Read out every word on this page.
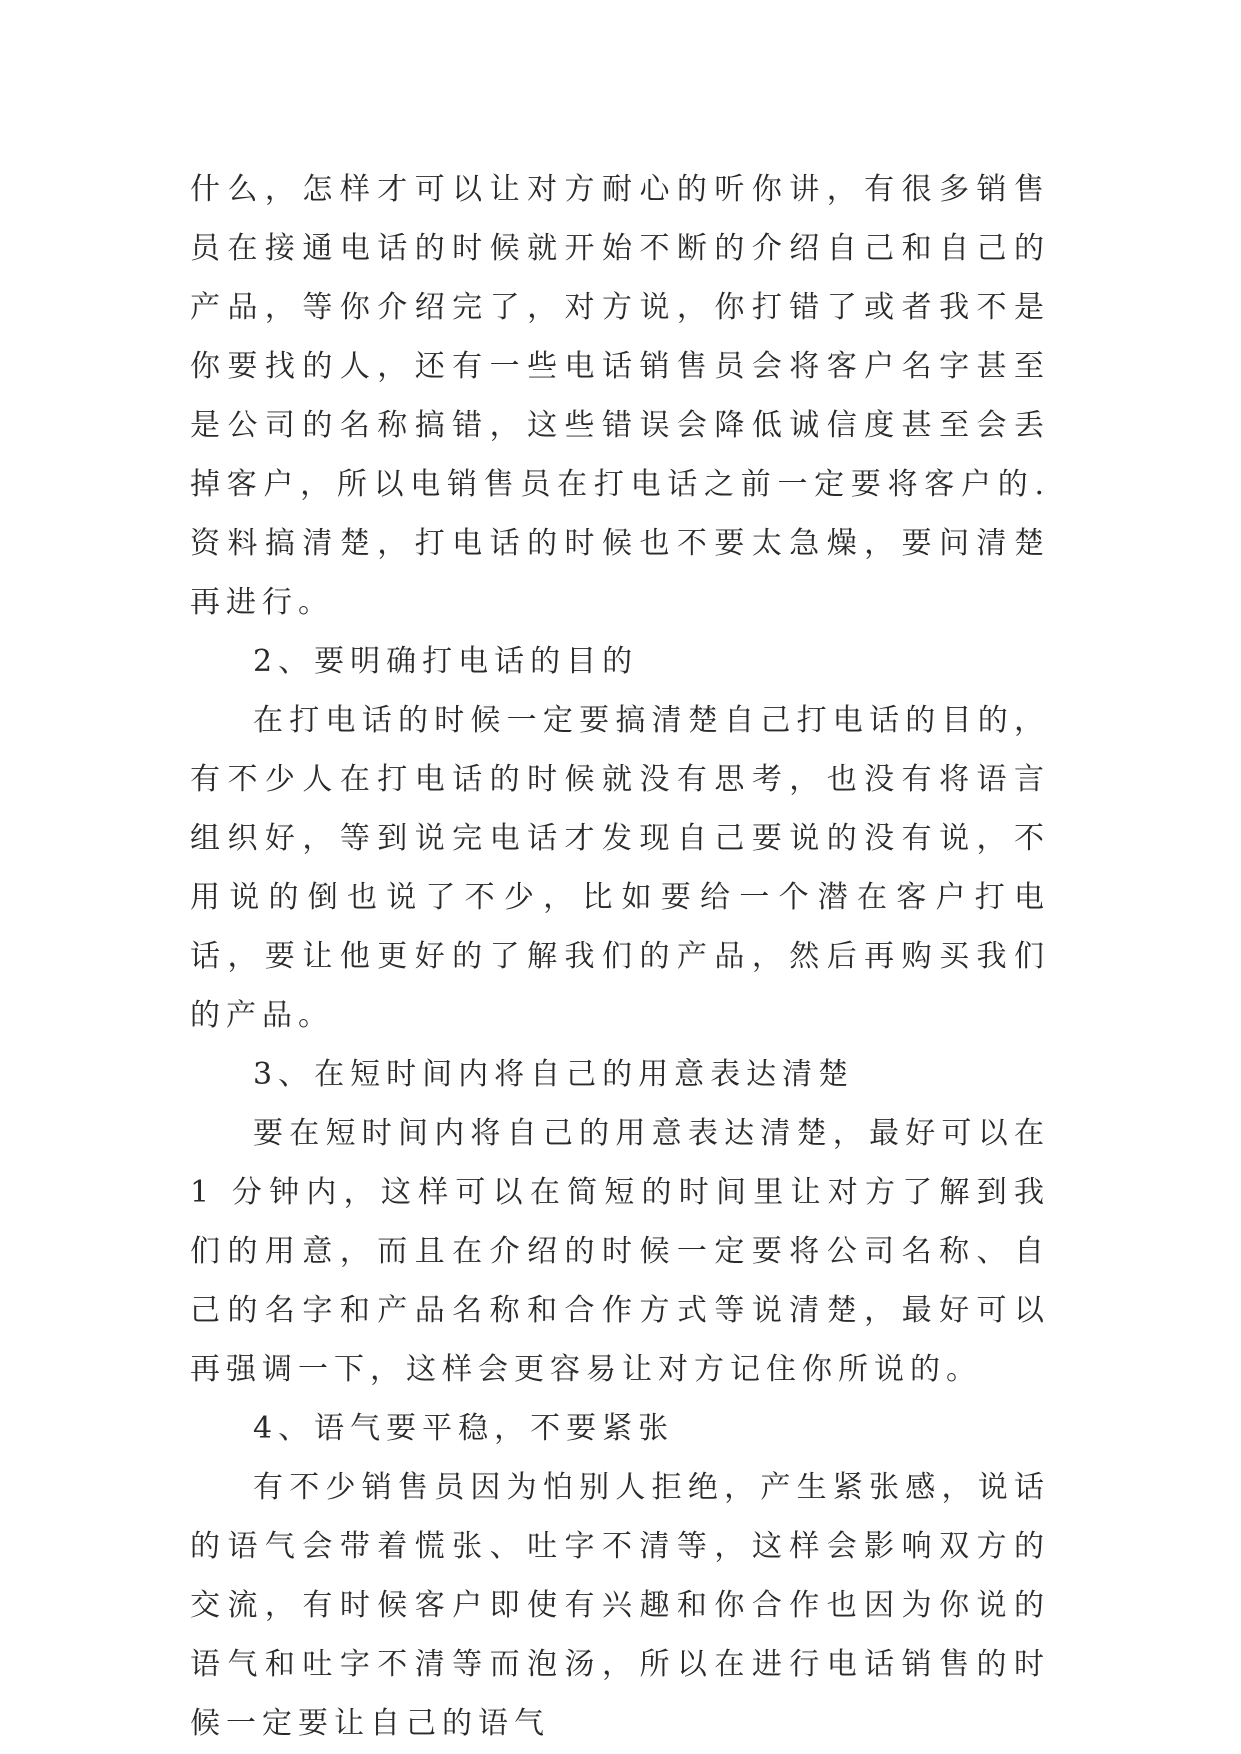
什么，怎样才可以让对方耐心的听你讲，有很多销售员在接通电话的时候就开始不断的介绍自己和自己的产品，等你介绍完了，对方说，你打错了或者我不是你要找的人，还有一些电话销售员会将客户名字甚至是公司的名称搞错，这些错误会降低诚信度甚至会丢掉客户，所以电销售员在打电话之前一定要将客户的.资料搞清楚，打电话的时候也不要太急燥，要问清楚再进行。

2、要明确打电话的目的

在打电话的时候一定要搞清楚自己打电话的目的，有不少人在打电话的时候就没有思考，也没有将语言组织好，等到说完电话才发现自己要说的没有说，不用说的倒也说了不少，比如要给一个潜在客户打电话，要让他更好的了解我们的产品，然后再购买我们的产品。

3、在短时间内将自己的用意表达清楚

要在短时间内将自己的用意表达清楚，最好可以在 1 分钟内，这样可以在简短的时间里让对方了解到我们的用意，而且在介绍的时候一定要将公司名称、自己的名字和产品名称和合作方式等说清楚，最好可以再强调一下，这样会更容易让对方记住你所说的。

4、语气要平稳，不要紧张

有不少销售员因为怕别人拒绝，产生紧张感，说话的语气会带着慌张、吐字不清等，这样会影响双方的交流，有时候客户即使有兴趣和你合作也因为你说的语气和吐字不清等而泡汤，所以在进行电话销售的时候一定要让自己的语气
